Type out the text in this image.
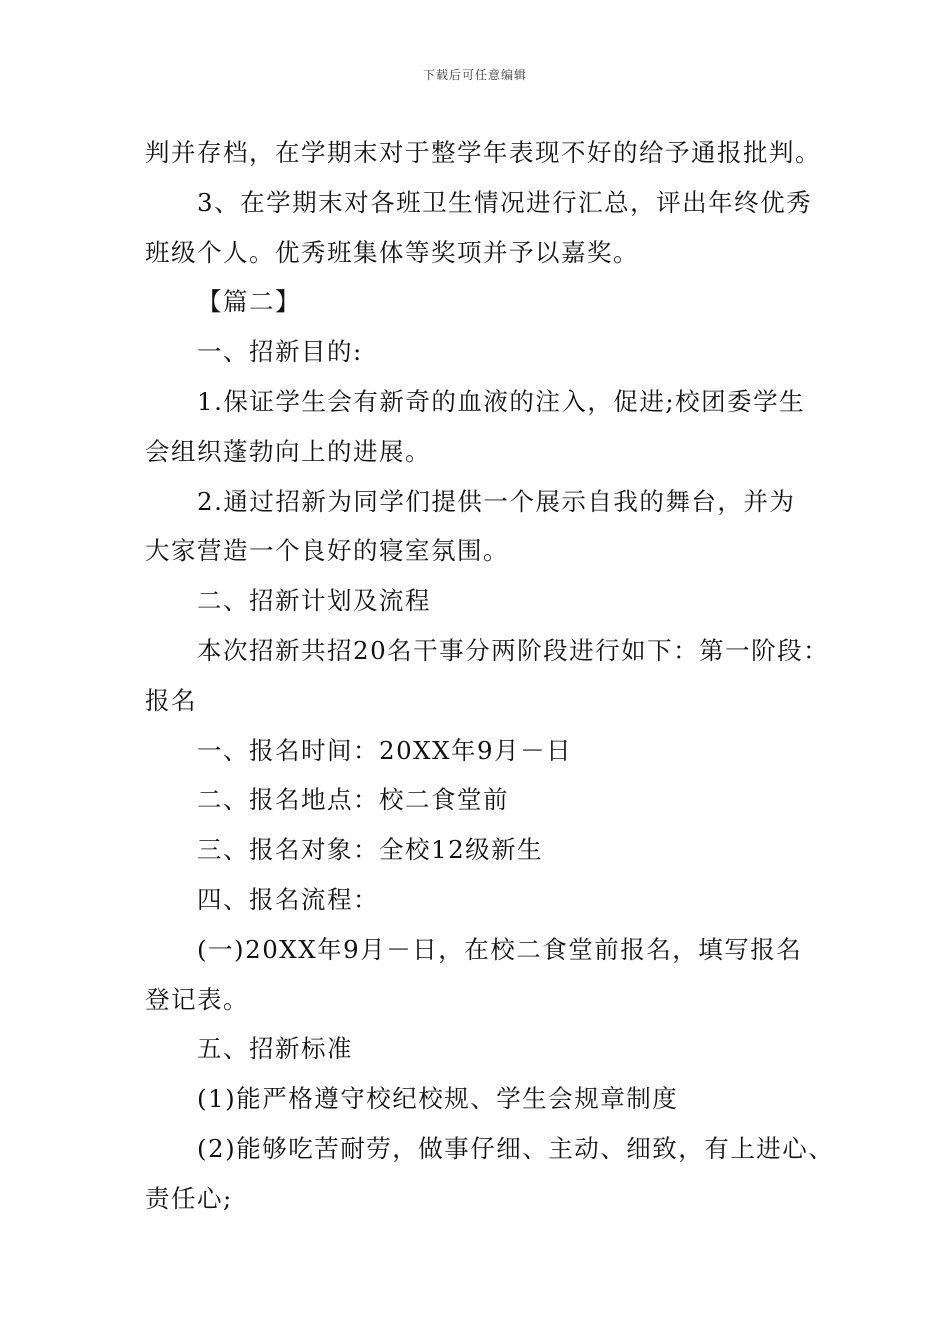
下载后可任意编辑

判并存档，在学期末对于整学年表现不好的给予通报批判。

3、在学期末对各班卫生情况进行汇总，评出年终优秀

班级个人。优秀班集体等奖项并予以嘉奖。

【篇二】

一、招新目的:

1.保证学生会有新奇的血液的注入，促进;校团委学生

会组织蓬勃向上的进展。

2.通过招新为同学们提供一个展示自我的舞台，并为

大家营造一个良好的寝室氛围。

二、招新计划及流程

本次招新共招20名干事分两阶段进行如下：第一阶段：

报名

一、报名时间：20XX年9月－日

二、报名地点：校二食堂前

三、报名对象：全校12级新生

四、报名流程：

(一)20XX年9月－日，在校二食堂前报名，填写报名

登记表。

五、招新标准

(1)能严格遵守校纪校规、学生会规章制度

(2)能够吃苦耐劳，做事仔细、主动、细致，有上进心、

责任心;
